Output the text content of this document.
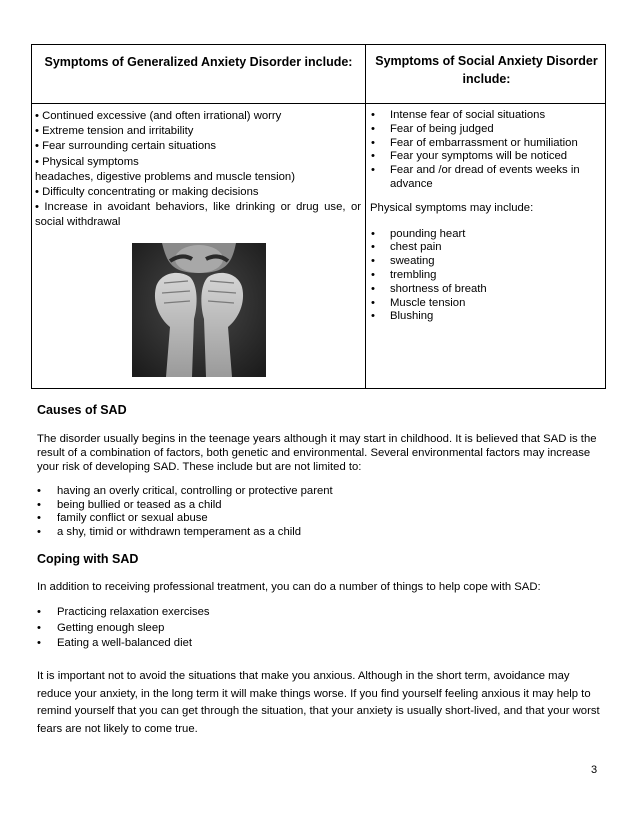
Symptoms of Generalized Anxiety Disorder include:	Symptoms of Social Anxiety Disorder include:

• Continued excessive (and often irrational) worry

• Extreme tension and irritability

• Fear surrounding certain situations

• Physical symptoms

headaches, digestive problems and muscle tension)

• Difficulty concentrating or making decisions

• Increase in avoidant behaviors, like drinking or drug use, or social withdrawal

• Intense fear of social situations
• Fear of being judged
• Fear of embarrassment or humiliation
• Fear your symptoms will be noticed
• Fear and /or dread of events weeks in advance
Physical symptoms may include:
• pounding heart
• chest pain
• sweating
• trembling
• shortness of breath
• Muscle tension
• Blushing
Causes of SAD
The disorder usually begins in the teenage years although it may start in childhood. It is believed that SAD is the result of a combination of factors, both genetic and environmental. Several environmental factors may increase your risk of developing SAD. These include but are not limited to:
• having an overly critical, controlling or protective parent
• being bullied or teased as a child
• family conflict or sexual abuse
• a shy, timid or withdrawn temperament as a child
Coping with SAD
In addition to receiving professional treatment, you can do a number of things to help cope with SAD:
• Practicing relaxation exercises
• Getting enough sleep
• Eating a well-balanced diet
It is important not to avoid the situations that make you anxious. Although in the short term, avoidance may reduce your anxiety, in the long term it will make things worse. If you find yourself feeling anxious it may help to remind yourself that you can get through the situation, that your anxiety is usually short-lived, and that your worst fears are not likely to come true.
3
